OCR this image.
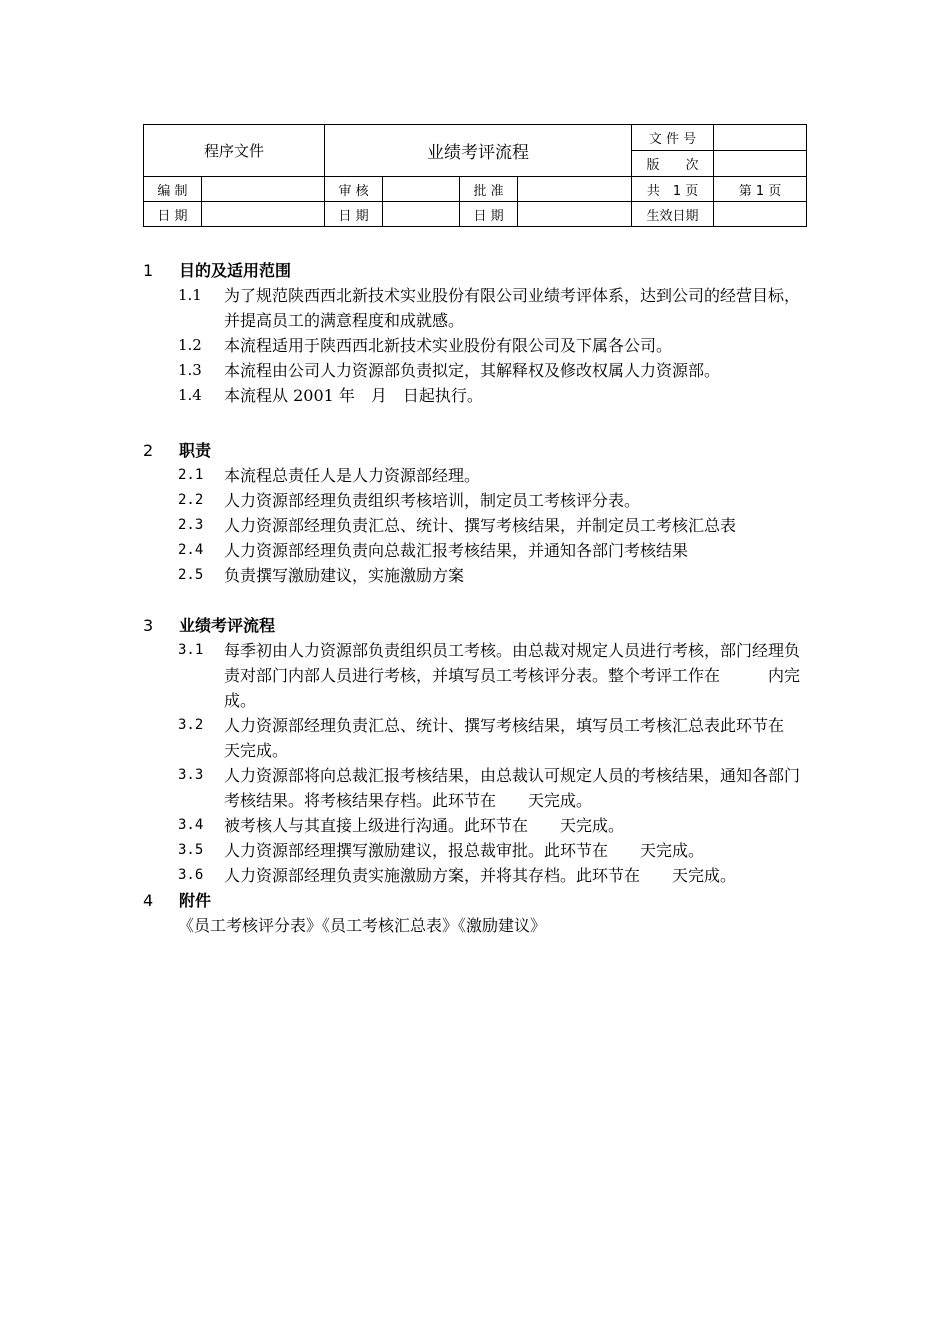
程序文件		业绩考评流程				文 件 号	
						版　　次	
编 制		审 核		批 准		共　1 页	第 1 页
日 期		日 期		日 期		生效日期	
1	目的及适用范围
1.1	为了规范陕西西北新技术实业股份有限公司业绩考评体系，达到公司的经营目标，并提高员工的满意程度和成就感。
1.2	本流程适用于陕西西北新技术实业股份有限公司及下属各公司。
1.3	本流程由公司人力资源部负责拟定，其解释权及修改权属人力资源部。
1.4	本流程从 2001 年　月　日起执行。
2	职责
2.1	本流程总责任人是人力资源部经理。
2.2	人力资源部经理负责组织考核培训，制定员工考核评分表。
2.3	人力资源部经理负责汇总、统计、撰写考核结果，并制定员工考核汇总表
2.4	人力资源部经理负责向总裁汇报考核结果，并通知各部门考核结果
2.5	负责撰写激励建议，实施激励方案
3	业绩考评流程
3.1	每季初由人力资源部负责组织员工考核。由总裁对规定人员进行考核，部门经理负责对部门内部人员进行考核，并填写员工考核评分表。整个考评工作在　　　内完成。
3.2	人力资源部经理负责汇总、统计、撰写考核结果，填写员工考核汇总表此环节在　　天完成。
3.3	人力资源部将向总裁汇报考核结果，由总裁认可规定人员的考核结果，通知各部门考核结果。将考核结果存档。此环节在　　天完成。
3.4	被考核人与其直接上级进行沟通。此环节在　　天完成。
3.5	人力资源部经理撰写激励建议，报总裁审批。此环节在　　天完成。
3.6	人力资源部经理负责实施激励方案，并将其存档。此环节在　　天完成。
4	附件
《员工考核评分表》《员工考核汇总表》《激励建议》
